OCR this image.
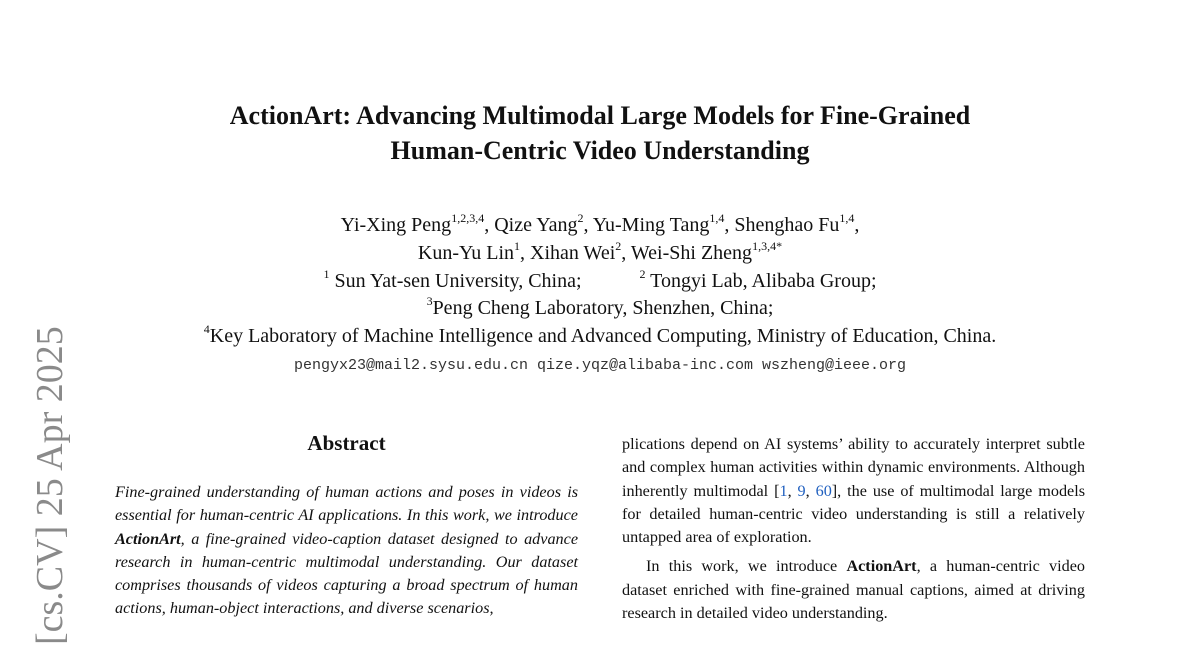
[cs.CV] 25 Apr 2025
ActionArt: Advancing Multimodal Large Models for Fine-Grained
Human-Centric Video Understanding
Yi-Xing Peng$^{1,2,3,4}$, Qize Yang$^2$, Yu-Ming Tang$^{1,4}$, Shenghao Fu$^{1,4}$,
Kun-Yu Lin$^1$, Xihan Wei$^2$, Wei-Shi Zheng$^{1,3,4*}$
$^1$ Sun Yat-sen University, China;	$^2$ Tongyi Lab, Alibaba Group;
$^3$Peng Cheng Laboratory, Shenzhen, China;
$^4$Key Laboratory of Machine Intelligence and Advanced Computing, Ministry of Education, China.
pengyx23@mail2.sysu.edu.cn qize.yqz@alibaba-inc.com wszheng@ieee.org
Abstract

Fine-grained understanding of human actions and poses in videos is essential for human-centric AI applications. In this work, we introduce ActionArt, a fine-grained video-caption dataset designed to advance research in human-centric multimodal understanding. Our dataset comprises thousands of videos capturing a broad spectrum of human actions, human-object interactions, and diverse scenarios,

plications depend on AI systems’ ability to accurately interpret subtle and complex human activities within dynamic environments. Although inherently multimodal [1, 9, 60], the use of multimodal large models for detailed human-centric video understanding is still a relatively untapped area of exploration.

In this work, we introduce ActionArt, a human-centric video dataset enriched with fine-grained manual captions, aimed at driving research in detailed video understanding.
